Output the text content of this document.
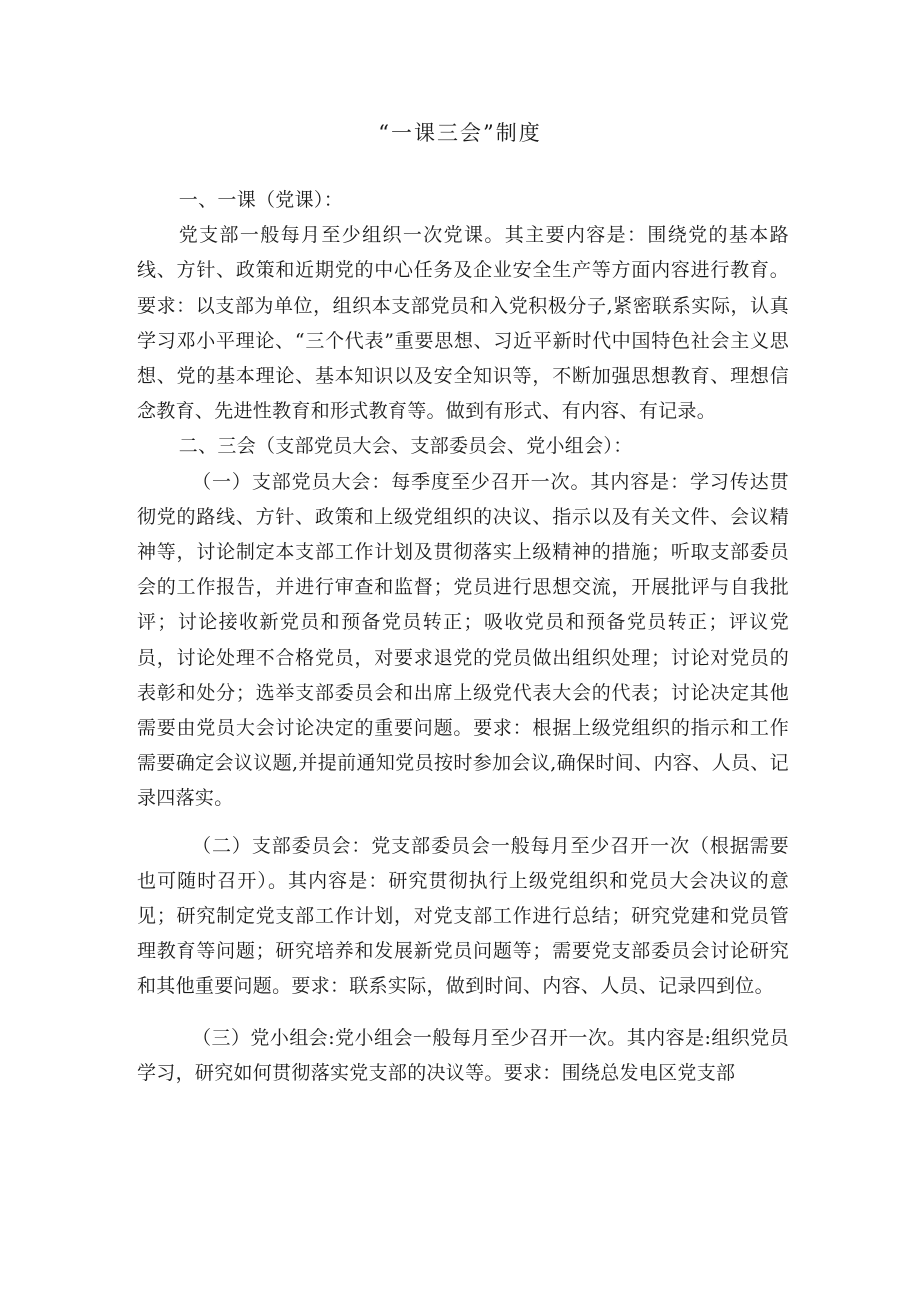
“一课三会”制度

一、一课（党课）：

党支部一般每月至少组织一次党课。其主要内容是：围绕党的基本路线、方针、政策和近期党的中心任务及企业安全生产等方面内容进行教育。要求：以支部为单位，组织本支部党员和入党积极分子,紧密联系实际，认真学习邓小平理论、“三个代表”重要思想、习近平新时代中国特色社会主义思想、党的基本理论、基本知识以及安全知识等，不断加强思想教育、理想信念教育、先进性教育和形式教育等。做到有形式、有内容、有记录。

二、三会（支部党员大会、支部委员会、党小组会）：

（一）支部党员大会：每季度至少召开一次。其内容是：学习传达贯彻党的路线、方针、政策和上级党组织的决议、指示以及有关文件、会议精神等，讨论制定本支部工作计划及贯彻落实上级精神的措施；听取支部委员会的工作报告，并进行审查和监督；党员进行思想交流，开展批评与自我批评；讨论接收新党员和预备党员转正；吸收党员和预备党员转正；评议党员，讨论处理不合格党员，对要求退党的党员做出组织处理；讨论对党员的表彰和处分；选举支部委员会和出席上级党代表大会的代表；讨论决定其他需要由党员大会讨论决定的重要问题。要求：根据上级党组织的指示和工作需要确定会议议题,并提前通知党员按时参加会议,确保时间、内容、人员、记录四落实。

（二）支部委员会：党支部委员会一般每月至少召开一次（根据需要也可随时召开）。其内容是：研究贯彻执行上级党组织和党员大会决议的意见；研究制定党支部工作计划，对党支部工作进行总结；研究党建和党员管理教育等问题；研究培养和发展新党员问题等；需要党支部委员会讨论研究和其他重要问题。要求：联系实际，做到时间、内容、人员、记录四到位。

（三）党小组会:党小组会一般每月至少召开一次。其内容是:组织党员学习，研究如何贯彻落实党支部的决议等。要求：围绕总发电区党支部
